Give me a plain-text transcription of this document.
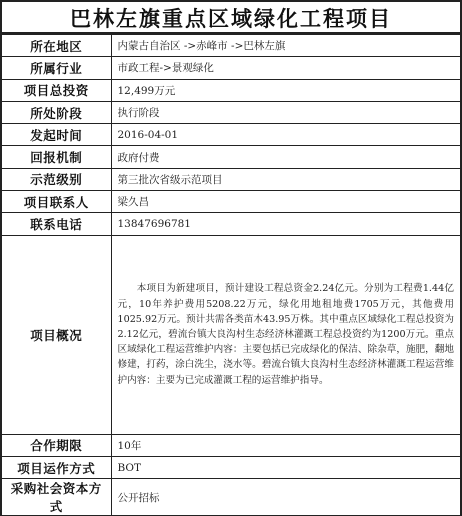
巴林左旗重点区域绿化工程项目
所在地区	内蒙古自治区 ->赤峰市 ->巴林左旗
所属行业	市政工程->景观绿化
项目总投资	12,499万元
所处阶段	执行阶段
发起时间	2016-04-01
回报机制	政府付费
示范级别	第三批次省级示范项目
项目联系人	梁久昌
联系电话	13847696781
项目概况	本项目为新建项目，预计建设工程总资金2.24亿元。分别为工程费1.44亿元，10年养护费用5208.22万元，绿化用地租地费1705万元，其他费用1025.92万元。预计共需各类苗木43.95万株。其中重点区域绿化工程总投资为2.12亿元，碧流台镇大良沟村生态经济林灌溉工程总投资约为1200万元。重点区域绿化工程运营维护内容：主要包括已完成绿化的保洁、除杂草，施肥，翻地修建，打药，涂白洗尘，浇水等。碧流台镇大良沟村生态经济林灌溉工程运营维护内容：主要为已完成灌溉工程的运营维护指导。
合作期限	10年
项目运作方式	BOT
采购社会资本方式	公开招标
